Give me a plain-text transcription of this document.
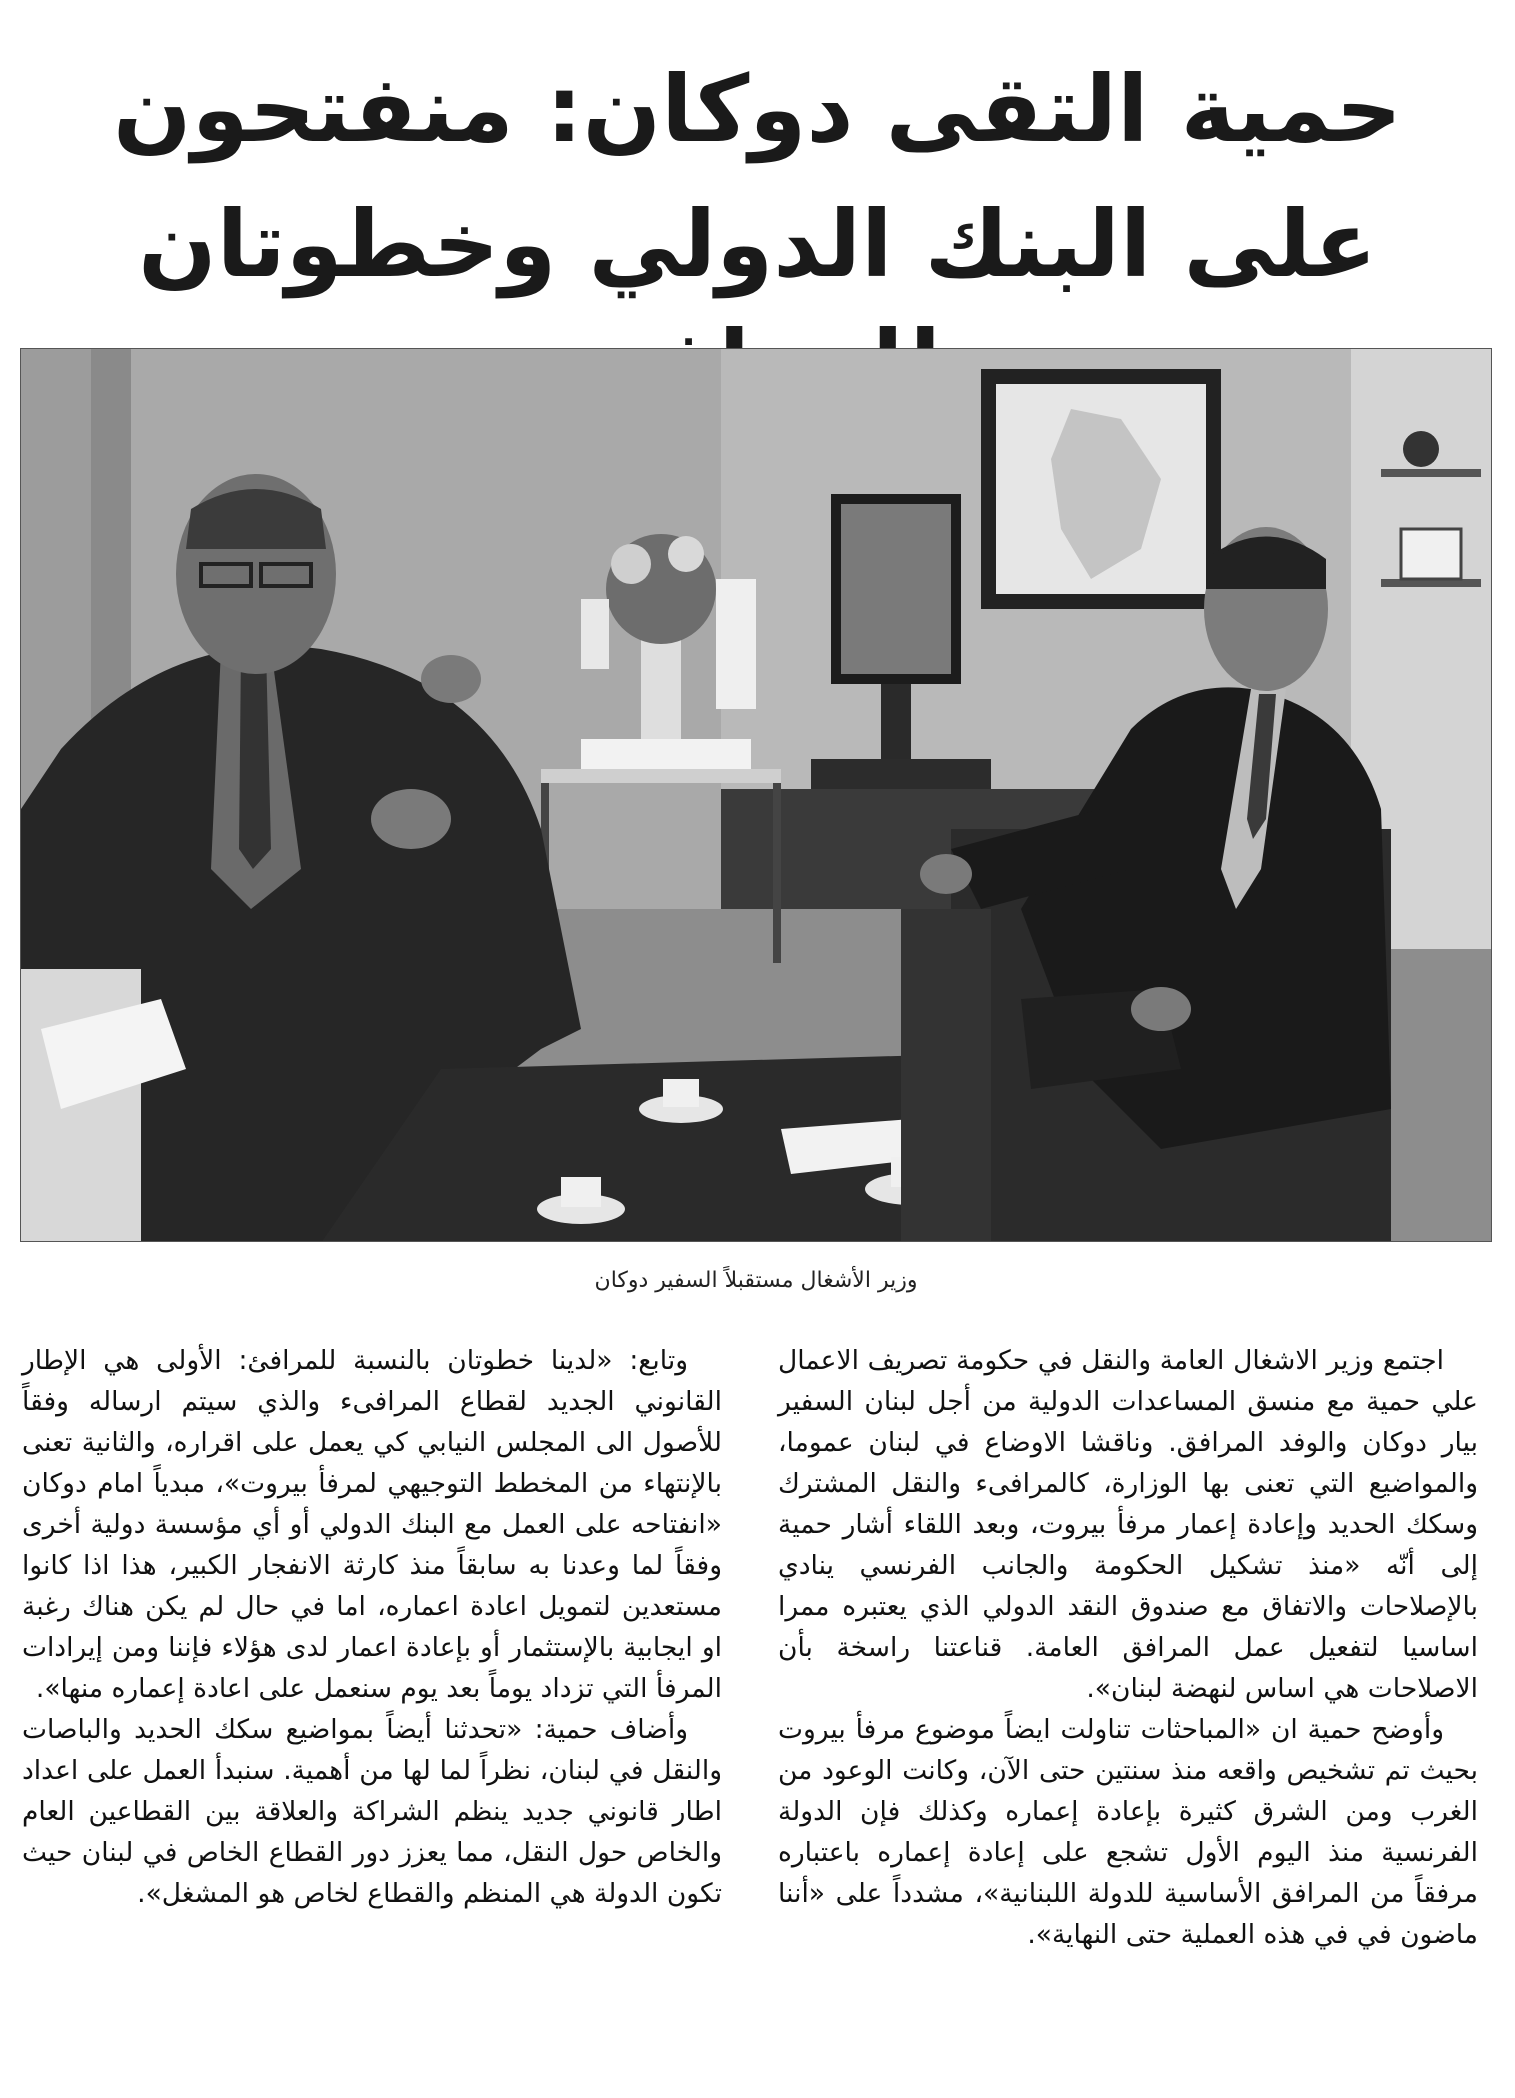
حمية التقى دوكان: منفتحون
على البنك الدولي وخطوتان
وزير الأشغال مستقبلاً السفير دوكان

اجتمع وزير الاشغال العامة والنقل في حكومة تصريف الاعمال علي حمية مع منسق المساعدات الدولية من أجل لبنان السفير بيار دوكان والوفد المرافق. وناقشا الاوضاع في لبنان عموما، والمواضيع التي تعنى بها الوزارة، كالمرافىء والنقل المشترك وسكك الحديد وإعادة إعمار مرفأ بيروت، وبعد اللقاء أشار حمية إلى أنّه «منذ تشكيل الحكومة والجانب الفرنسي ينادي بالإصلاحات والاتفاق مع صندوق النقد الدولي الذي يعتبره ممرا اساسيا لتفعيل عمل المرافق العامة. قناعتنا راسخة بأن الاصلاحات هي اساس لنهضة لبنان».

وأوضح حمية ان «المباحثات تناولت ايضاً موضوع مرفأ بيروت بحيث تم تشخيص واقعه منذ سنتين حتى الآن، وكانت الوعود من الغرب ومن الشرق كثيرة بإعادة إعماره وكذلك فإن الدولة الفرنسية منذ اليوم الأول تشجع على إعادة إعماره باعتباره مرفقاً من المرافق الأساسية للدولة اللبنانية»، مشدداً على «أننا ماضون في في هذه العملية حتى النهاية».

وتابع: «لدينا خطوتان بالنسبة للمرافئ: الأولى هي الإطار القانوني الجديد لقطاع المرافىء والذي سيتم ارساله وفقاً للأصول الى المجلس النيابي كي يعمل على اقراره، والثانية تعنى بالإنتهاء من المخطط التوجيهي لمرفأ بيروت»، مبدياً امام دوكان «انفتاحه على العمل مع البنك الدولي أو أي مؤسسة دولية أخرى وفقاً لما وعدنا به سابقاً منذ كارثة الانفجار الكبير، هذا اذا كانوا مستعدين لتمويل اعادة اعماره، اما في حال لم يكن هناك رغبة او ايجابية بالإستثمار أو بإعادة اعمار لدى هؤلاء فإننا ومن إيرادات المرفأ التي تزداد يوماً بعد يوم سنعمل على اعادة إعماره منها».

وأضاف حمية: «تحدثنا أيضاً بمواضيع سكك الحديد والباصات والنقل في لبنان، نظراً لما لها من أهمية. سنبدأ العمل على اعداد اطار قانوني جديد ينظم الشراكة والعلاقة بين القطاعين العام والخاص حول النقل، مما يعزز دور القطاع الخاص في لبنان حيث تكون الدولة هي المنظم والقطاع لخاص هو المشغل».
